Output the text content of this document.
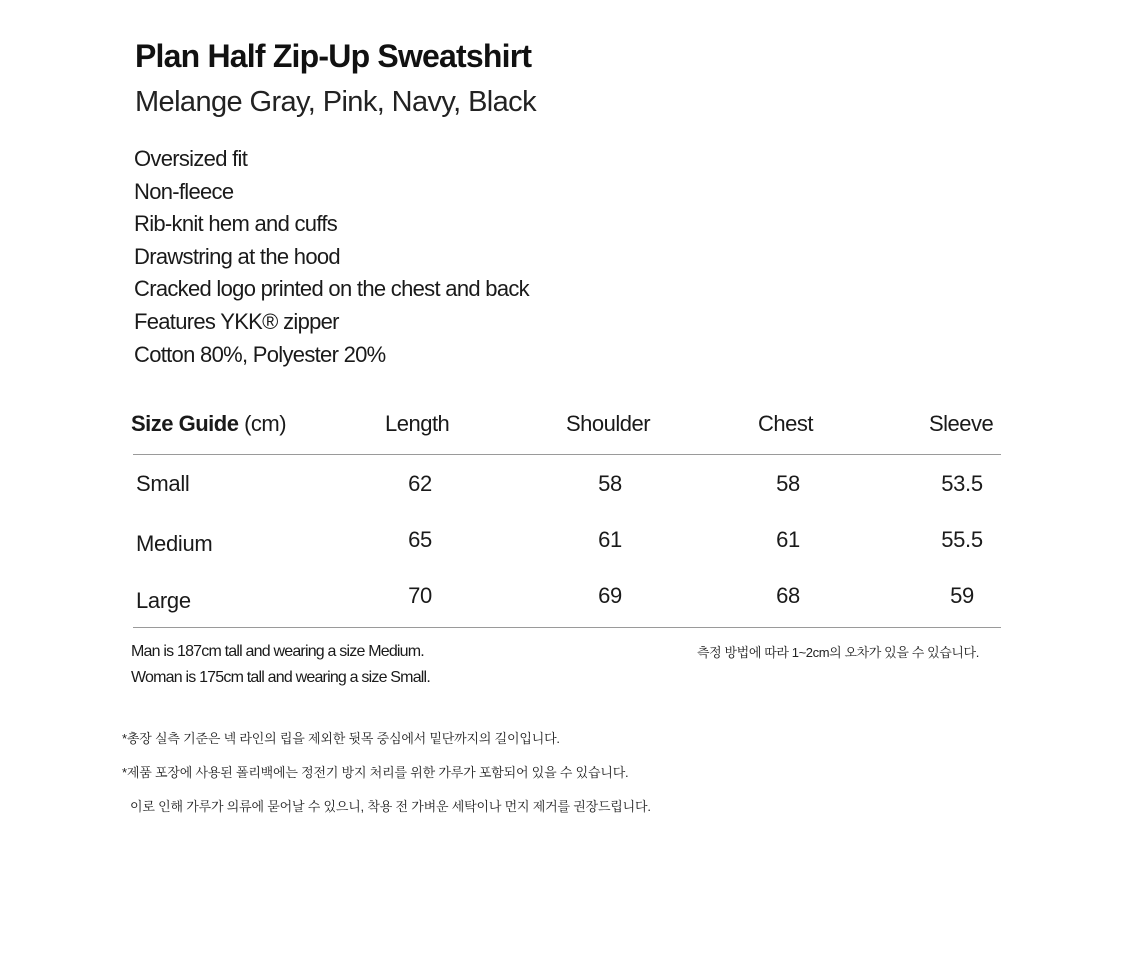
Plan Half Zip-Up Sweatshirt
Melange Gray, Pink, Navy, Black
Oversized fit
Non-fleece
Rib-knit hem and cuffs
Drawstring at the hood
Cracked logo printed on the chest and back
Features YKK® zipper
Cotton 80%, Polyester 20%
Size Guide (cm)	Length	Shoulder	Chest	Sleeve
Small	62	58	58	53.5
Medium	65	61	61	55.5
Large	70	69	68	59
Man is 187cm tall and wearing a size Medium.
Woman is 175cm tall and wearing a size Small.
측정 방법에 따라 1~2cm의 오차가 있을 수 있습니다.
*총장 실측 기준은 넥 라인의 립을 제외한 뒷목 중심에서 밑단까지의 길이입니다.
*제품 포장에 사용된 폴리백에는 정전기 방지 처리를 위한 가루가 포함되어 있을 수 있습니다.
이로 인해 가루가 의류에 묻어날 수 있으니, 착용 전 가벼운 세탁이나 먼지 제거를 권장드립니다.
